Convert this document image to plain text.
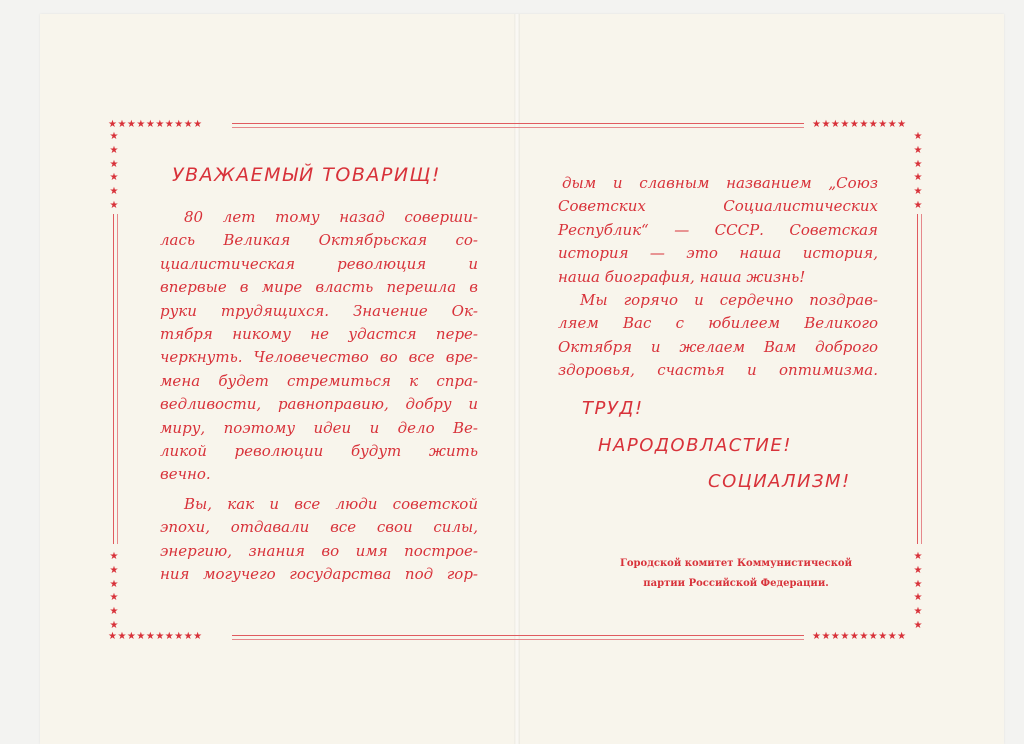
★★★★★★★★★★	★★★★★★★★★★
★★★★★★★★★★	★★★★★★★★★★
★
★
★
★
★
★
★
★
★
★
★
★
★
★
★
★
★
★
★
★
★
★
★
★
УВАЖАЕМЫЙ ТОВАРИЩ!

80 лет тому назад соверши-

лась Великая Октябрьская со-

циалистическая революция и

впервые в мире власть перешла в

руки трудящихся. Значение Ок-

тября никому не удастся пере-

черкнуть. Человечество во все вре-

мена будет стремиться к спра-

ведливости, равноправию, добру и

миру, поэтому идеи и дело Ве-

ликой революции будут жить

вечно.

Вы, как и все люди советской

эпохи, отдавали все свои силы,

энергию, знания во имя построе-

ния могучего государства под гор-

дым и славным названием „Союз

Советских Социалистических

Республик“ — СССР. Советская

история — это наша история,

наша биография, наша жизнь!

Мы горячо и сердечно поздрав-

ляем Вас с юбилеем Великого

Октября и желаем Вам доброго

здоровья, счастья и оптимизма.

ТРУД!
НАРОДОВЛАСТИЕ!
СОЦИАЛИЗМ!
Городской комитет Коммунистической
партии Российской Федерации.
